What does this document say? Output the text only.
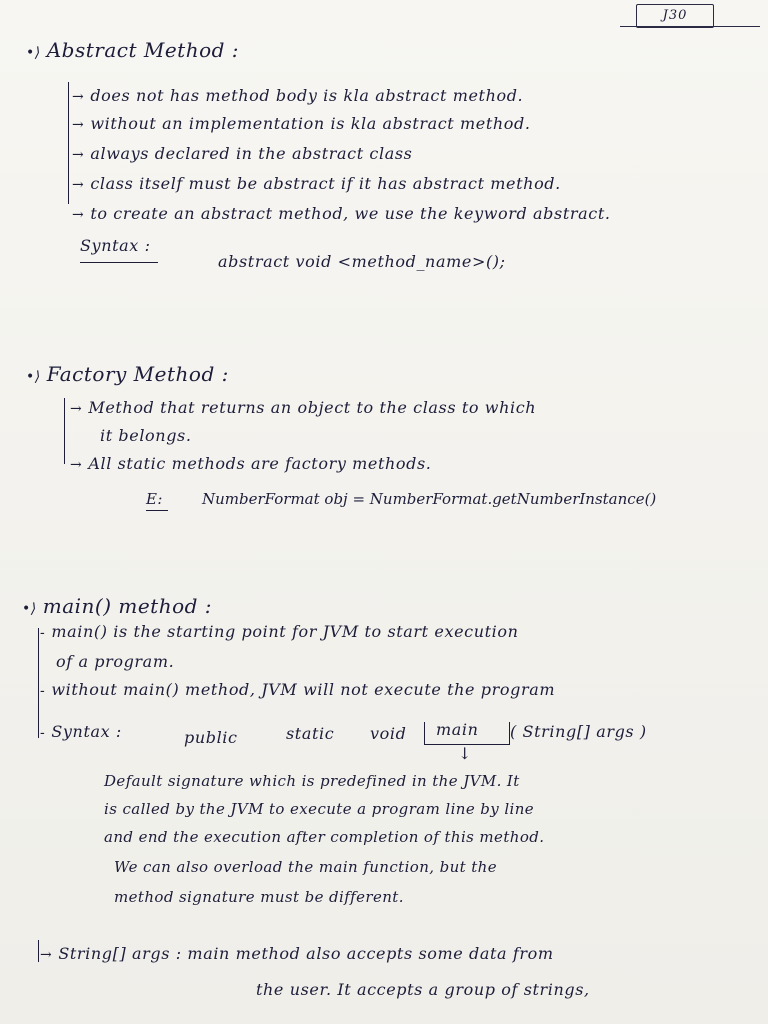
J30
•⟩ Abstract Method :
→ does not has method body is kla abstract method.
→ without an implementation is kla abstract method.
→ always declared in the abstract class
→ class itself must be abstract if it has abstract method.
→ to create an abstract method, we use the keyword abstract.
Syntax :
abstract void <method_name>();
•⟩ Factory Method :
→ Method that returns an object to the class to which
it belongs.
→ All static methods are factory methods.
E:	NumberFormat obj = NumberFormat.getNumberInstance()
•⟩ main() method :
- main() is the starting point for JVM to start execution
of a program.
- without main() method, JVM will not execute the program
- Syntax :	public	static void main
↓
( String[] args )
Default signature which is predefined in the JVM. It
is called by the JVM to execute a program line by line
and end the execution after completion of this method.
We can also overload the main function, but the
method signature must be different.
→ String[] args : main method also accepts some data from
the user. It accepts a group of strings,
